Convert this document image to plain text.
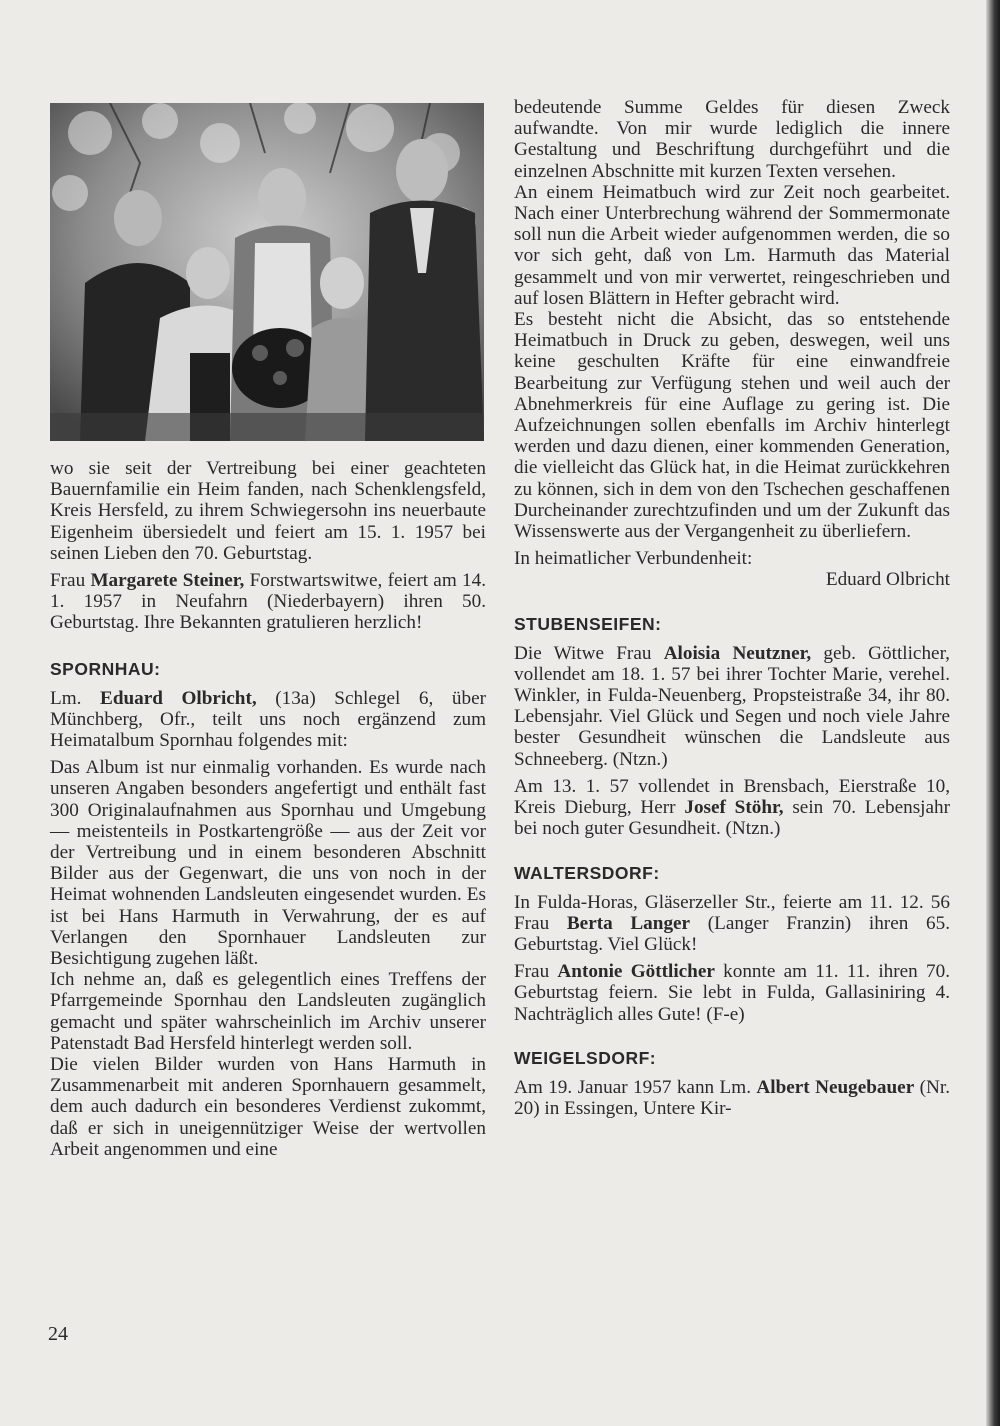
wo sie seit der Vertreibung bei einer geachteten Bauernfamilie ein Heim fanden, nach Schenklengsfeld, Kreis Hersfeld, zu ihrem Schwiegersohn ins neuerbaute Eigenheim übersiedelt und feiert am 15. 1. 1957 bei seinen Lieben den 70. Geburtstag.

Frau Margarete Steiner, Forstwartswitwe, feiert am 14. 1. 1957 in Neufahrn (Niederbayern) ihren 50. Geburtstag. Ihre Bekannten gratulieren herzlich!

SPORNHAU:

Lm. Eduard Olbricht, (13a) Schlegel 6, über Münchberg, Ofr., teilt uns noch ergänzend zum Heimatalbum Spornhau folgendes mit:

Das Album ist nur einmalig vorhanden. Es wurde nach unseren Angaben besonders angefertigt und enthält fast 300 Originalaufnahmen aus Spornhau und Umgebung — meistenteils in Postkartengröße — aus der Zeit vor der Vertreibung und in einem besonderen Abschnitt Bilder aus der Gegenwart, die uns von noch in der Heimat wohnenden Landsleuten eingesendet wurden. Es ist bei Hans Harmuth in Verwahrung, der es auf Verlangen den Spornhauer Landsleuten zur Besichtigung zugehen läßt.

Ich nehme an, daß es gelegentlich eines Treffens der Pfarrgemeinde Spornhau den Landsleuten zugänglich gemacht und später wahrscheinlich im Archiv unserer Patenstadt Bad Hersfeld hinterlegt werden soll.

Die vielen Bilder wurden von Hans Harmuth in Zusammenarbeit mit anderen Spornhauern gesammelt, dem auch dadurch ein besonderes Verdienst zukommt, daß er sich in uneigennütziger Weise der wertvollen Arbeit angenommen und eine

bedeutende Summe Geldes für diesen Zweck aufwandte. Von mir wurde lediglich die innere Gestaltung und Beschriftung durchgeführt und die einzelnen Abschnitte mit kurzen Texten versehen.

An einem Heimatbuch wird zur Zeit noch gearbeitet. Nach einer Unterbrechung während der Sommermonate soll nun die Arbeit wieder aufgenommen werden, die so vor sich geht, daß von Lm. Harmuth das Material gesammelt und von mir verwertet, reingeschrieben und auf losen Blättern in Hefter gebracht wird.

Es besteht nicht die Absicht, das so entstehende Heimatbuch in Druck zu geben, deswegen, weil uns keine geschulten Kräfte für eine einwandfreie Bearbeitung zur Verfügung stehen und weil auch der Abnehmerkreis für eine Auflage zu gering ist. Die Aufzeichnungen sollen ebenfalls im Archiv hinterlegt werden und dazu dienen, einer kommenden Generation, die vielleicht das Glück hat, in die Heimat zurückkehren zu können, sich in dem von den Tschechen geschaffenen Durcheinander zurechtzufinden und um der Zukunft das Wissenswerte aus der Vergangenheit zu überliefern.

In heimatlicher Verbundenheit:

Eduard Olbricht

STUBENSEIFEN:

Die Witwe Frau Aloisia Neutzner, geb. Göttlicher, vollendet am 18. 1. 57 bei ihrer Tochter Marie, verehel. Winkler, in Fulda-Neuenberg, Propsteistraße 34, ihr 80. Lebensjahr. Viel Glück und Segen und noch viele Jahre bester Gesundheit wünschen die Landsleute aus Schneeberg. (Ntzn.)

Am 13. 1. 57 vollendet in Brensbach, Eierstraße 10, Kreis Dieburg, Herr Josef Stöhr, sein 70. Lebensjahr bei noch guter Gesundheit. (Ntzn.)

WALTERSDORF:

In Fulda-Horas, Gläserzeller Str., feierte am 11. 12. 56 Frau Berta Langer (Langer Franzin) ihren 65. Geburtstag. Viel Glück!

Frau Antonie Göttlicher konnte am 11. 11. ihren 70. Geburtstag feiern. Sie lebt in Fulda, Gallasiniring 4. Nachträglich alles Gute! (F-e)

WEIGELSDORF:

Am 19. Januar 1957 kann Lm. Albert Neugebauer (Nr. 20) in Essingen, Untere Kir-

24
